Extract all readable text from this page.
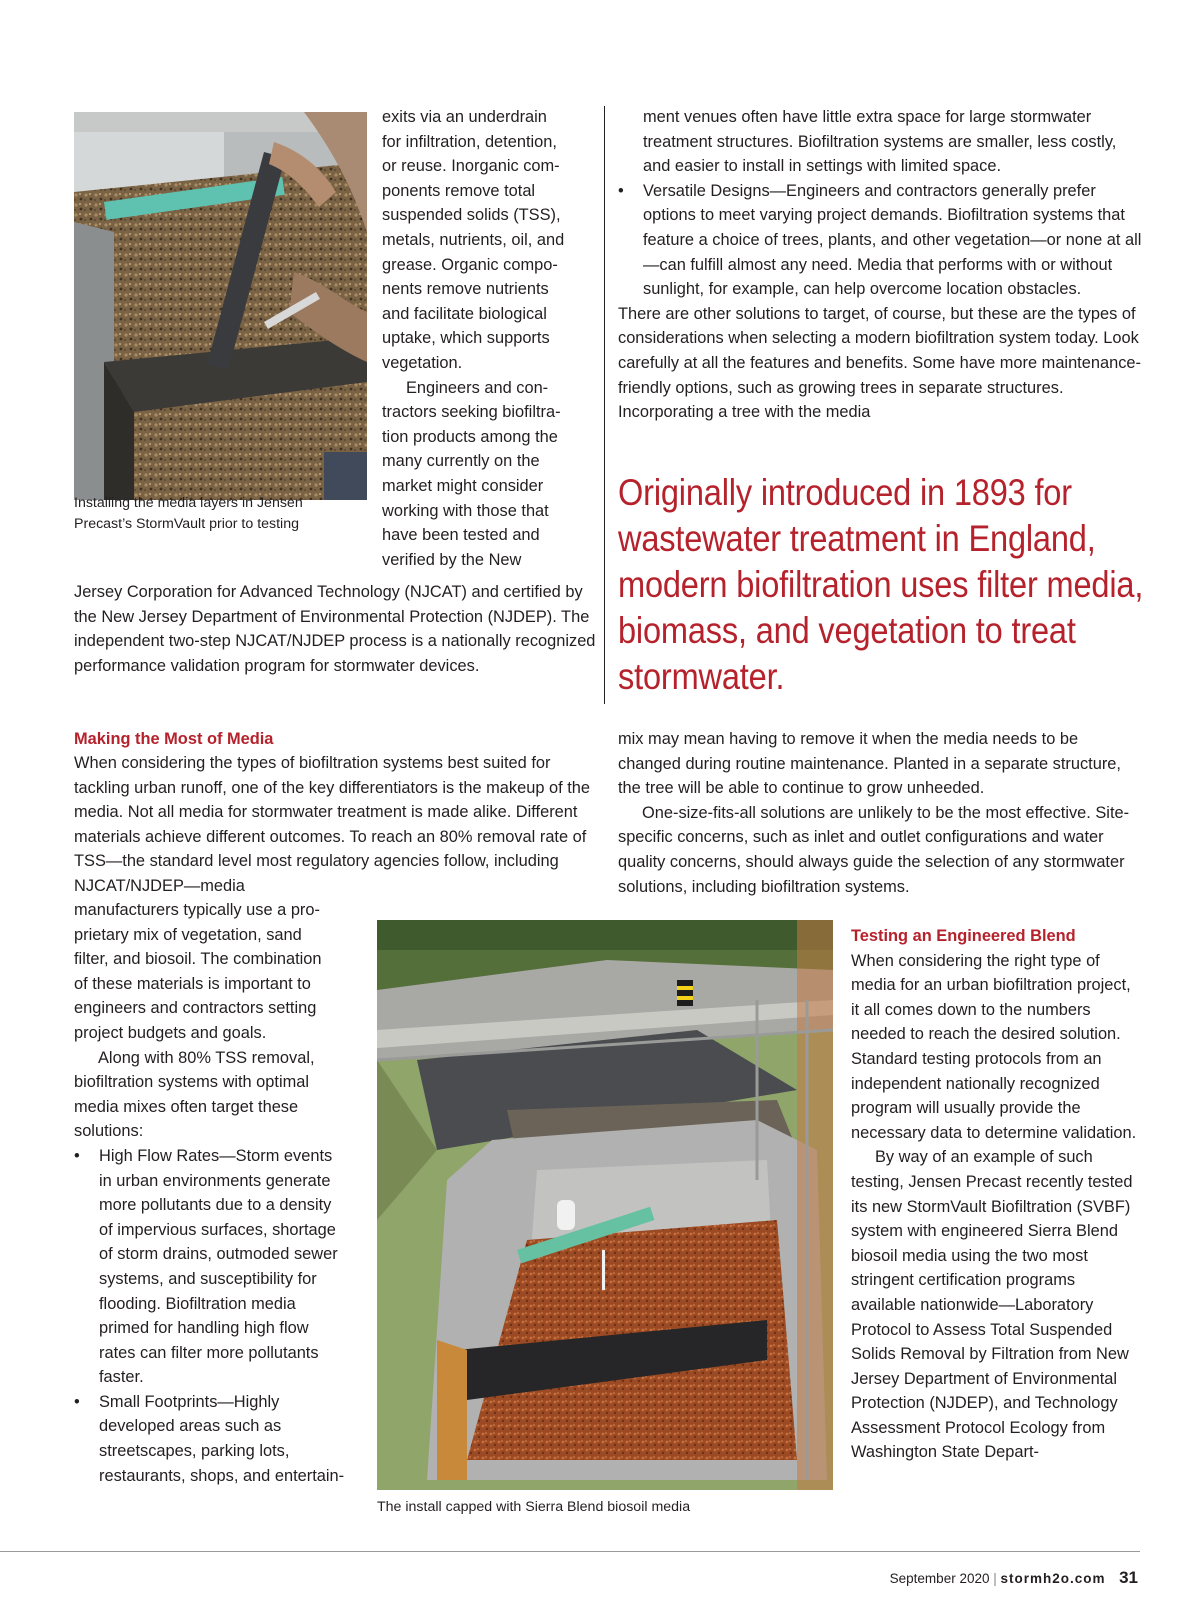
Installing the media layers in Jensen
Precast’s StormVault prior to testing

exits via an underdrain
for infiltration, detention,
or reuse. Inorganic com-
ponents remove total
suspended solids (TSS),
metals, nutrients, oil, and
grease. Organic compo-
nents remove nutrients
and facilitate biological
uptake, which supports
vegetation.

Engineers and con-
tractors seeking biofiltra-
tion products among the
many currently on the
market might consider
working with those that
have been tested and
verified by the New

Jersey Corporation for Advanced Technology (NJCAT) and certified by the New Jersey Department of Environmental Protection (NJDEP). The independent two-step NJCAT/NJDEP process is a nationally recognized performance validation program for stormwater devices.

Making the Most of Media

When considering the types of biofiltration systems best suited for tackling urban runoff, one of the key differentiators is the makeup of the media. Not all media for stormwater treatment is made alike. Different materials achieve different outcomes. To reach an 80% removal rate of TSS—the standard level most regulatory agencies follow, including NJCAT/NJDEP—media

manufacturers typically use a pro-
prietary mix of vegetation, sand
filter, and biosoil. The combination
of these materials is important to
engineers and contractors setting
project budgets and goals.

Along with 80% TSS removal,
biofiltration systems with optimal
media mixes often target these
solutions:

• High Flow Rates—Storm events in urban environments generate more pollutants due to a density of impervious surfaces, shortage of storm drains, outmoded sewer systems, and susceptibility for flooding. Biofiltration media primed for handling high flow rates can filter more pollutants faster.
• Small Footprints—Highly developed areas such as streetscapes, parking lots, restaurants, shops, and entertain-

The install capped with Sierra Blend biosoil media

ment venues often have little extra space for large stormwater treatment structures. Biofiltration systems are smaller, less costly, and easier to install in settings with limited space.

• Versatile Designs—Engineers and contractors generally prefer options to meet varying project demands. Biofiltration systems that feature a choice of trees, plants, and other vegetation—or none at all—can fulfill almost any need. Media that performs with or without sunlight, for example, can help overcome location obstacles.

There are other solutions to target, of course, but these are the types of considerations when selecting a modern biofiltration system today. Look carefully at all the features and benefits. Some have more maintenance-friendly options, such as growing trees in separate structures. Incorporating a tree with the media

Originally introduced in 1893 for wastewater treatment in England, modern biofiltration uses filter media, biomass, and vegetation to treat stormwater.

mix may mean having to remove it when the media needs to be changed during routine maintenance. Planted in a separate structure, the tree will be able to continue to grow unheeded.

One-size-fits-all solutions are unlikely to be the most effective. Site-specific concerns, such as inlet and outlet configurations and water quality concerns, should always guide the selection of any stormwater solutions, including biofiltration systems.

Testing an Engineered Blend

When considering the right type of media for an urban biofiltration project, it all comes down to the numbers needed to reach the desired solution. Standard testing protocols from an independent nationally recognized program will usually provide the necessary data to determine validation.

By way of an example of such testing, Jensen Precast recently tested its new StormVault Biofiltration (SVBF) system with engineered Sierra Blend biosoil media using the two most stringent certification programs available nationwide—Laboratory Protocol to Assess Total Suspended Solids Removal by Filtration from New Jersey Department of Environmental Protection (NJDEP), and Technology Assessment Protocol Ecology from Washington State Depart-

September 2020 | stormh2o.com 31
